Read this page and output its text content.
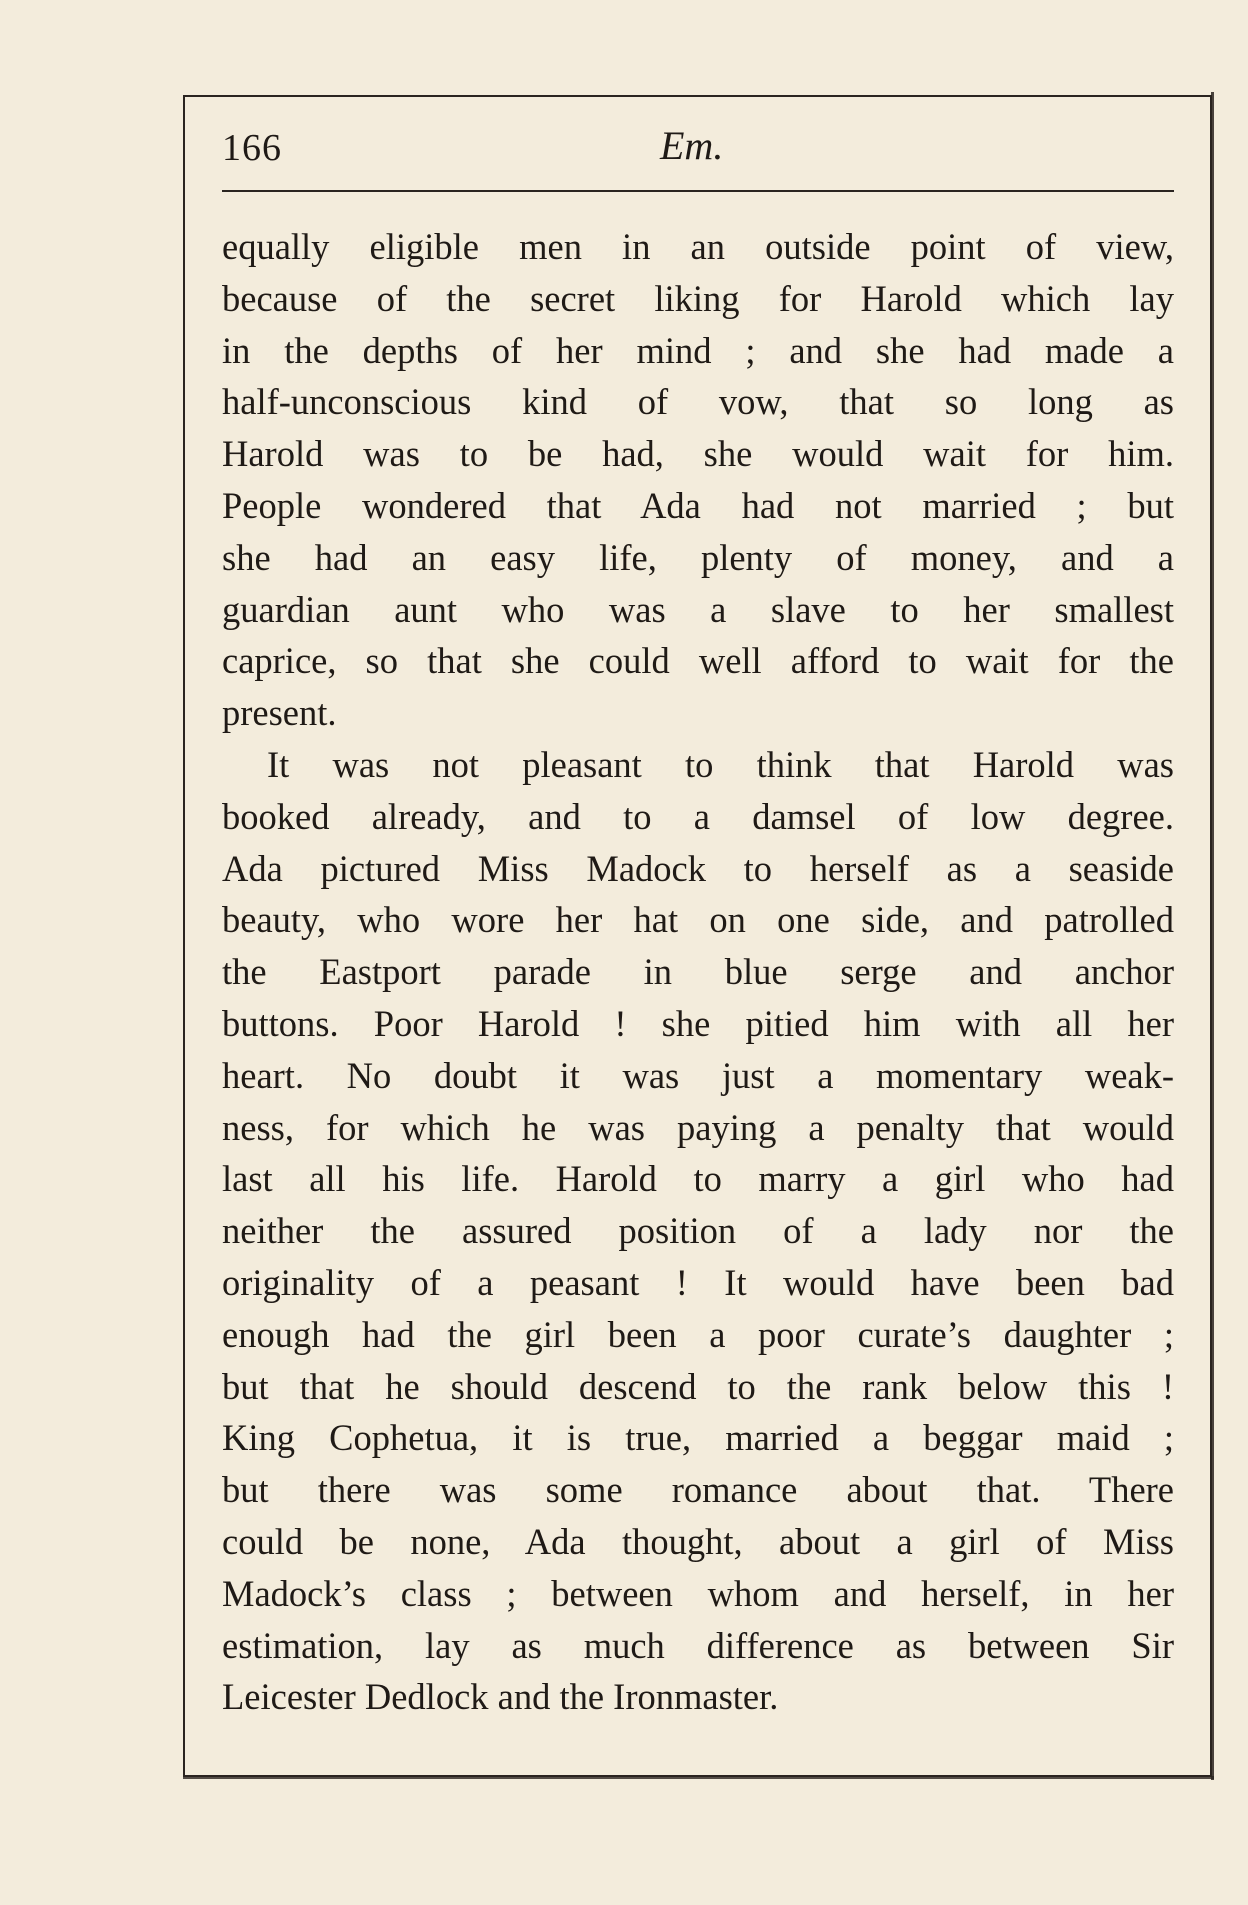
166	Em.
equally eligible men in an outside point of view,
because of the secret liking for Harold which lay
in the depths of her mind ; and she had made a
half-unconscious kind of vow, that so long as
Harold was to be had, she would wait for him.
People wondered that Ada had not married ; but
she had an easy life, plenty of money, and a
guardian aunt who was a slave to her smallest
caprice, so that she could well afford to wait for the
present.
It was not pleasant to think that Harold was
booked already, and to a damsel of low degree.
Ada pictured Miss Madock to herself as a seaside
beauty, who wore her hat on one side, and patrolled
the Eastport parade in blue serge and anchor
buttons. Poor Harold ! she pitied him with all her
heart. No doubt it was just a momentary weak-
ness, for which he was paying a penalty that would
last all his life. Harold to marry a girl who had
neither the assured position of a lady nor the
originality of a peasant ! It would have been bad
enough had the girl been a poor curate’s daughter ;
but that he should descend to the rank below this !
King Cophetua, it is true, married a beggar maid ;
but there was some romance about that. There
could be none, Ada thought, about a girl of Miss
Madock’s class ; between whom and herself, in her
estimation, lay as much difference as between Sir
Leicester Dedlock and the Ironmaster.
